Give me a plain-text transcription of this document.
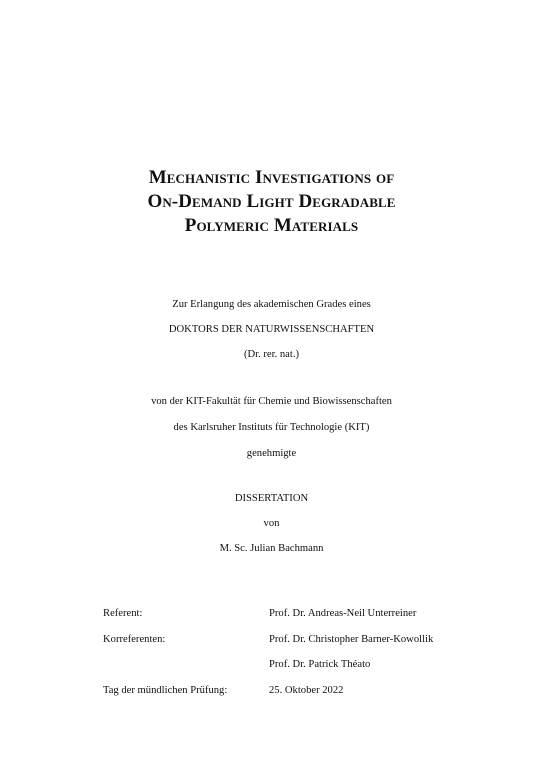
Mechanistic Investigations of
On-Demand Light Degradable
Polymeric Materials
Zur Erlangung des akademischen Grades eines
DOKTORS DER NATURWISSENSCHAFTEN
(Dr. rer. nat.)
von der KIT-Fakultät für Chemie und Biowissenschaften
des Karlsruher Instituts für Technologie (KIT)
genehmigte
DISSERTATION
von
M. Sc. Julian Bachmann
Referent:	Prof. Dr. Andreas-Neil Unterreiner
Korreferenten:	Prof. Dr. Christopher Barner-Kowollik
Prof. Dr. Patrick Théato
Tag der mündlichen Prüfung:	25. Oktober 2022
